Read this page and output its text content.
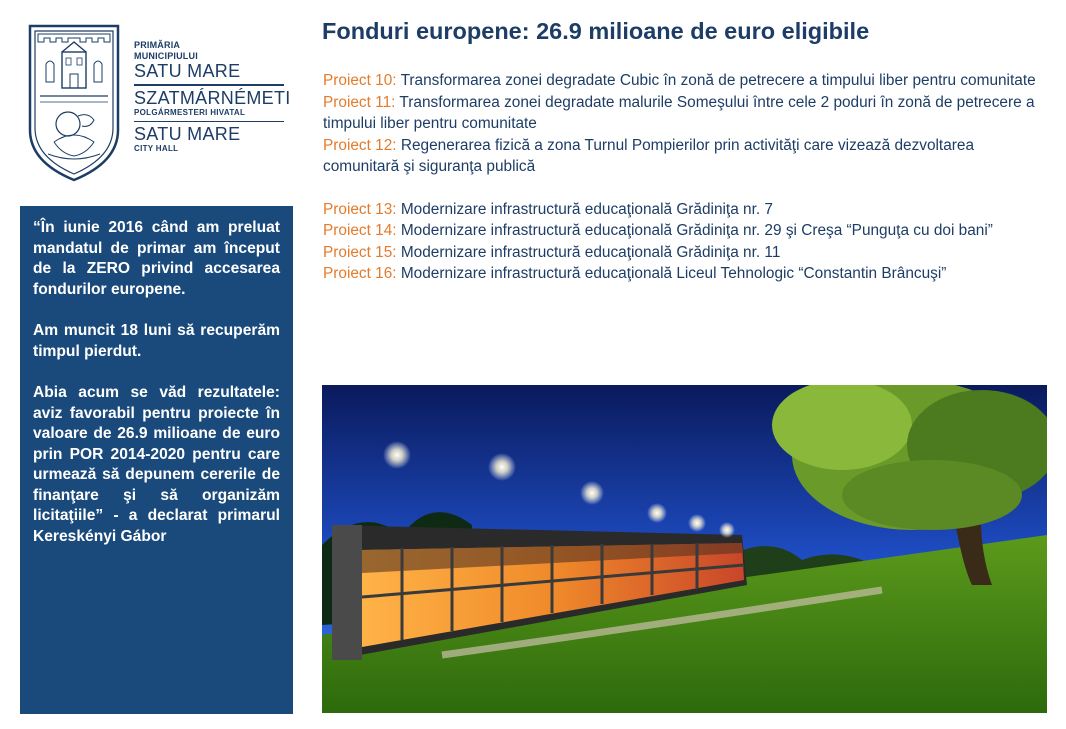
PRIMĂRIA
MUNICIPIULUI
SATU MARE
SZATMÁRNÉMETI
POLGÁRMESTERI HIVATAL
SATU MARE
CITY HALL

“În iunie 2016 când am preluat mandatul de primar am început de la ZERO privind accesarea fondurilor europene.

Am muncit 18 luni să recuperăm timpul pierdut.

Abia acum se văd rezultatele: aviz favorabil pentru proiecte în valoare de 26.9 milioane de euro prin POR 2014-2020 pentru care urmează să depunem cererile de finanţare şi să organizăm licitaţiile” - a declarat primarul Kereskényi Gábor

Fonduri europene: 26.9 milioane de euro eligibile

Proiect 10: Transformarea zonei degradate Cubic în zonă de petrecere a timpului liber pentru comunitate

Proiect 11: Transformarea zonei degradate malurile Someşului între cele 2 poduri în zonă de petrecere a timpului liber pentru comunitate

Proiect 12: Regenerarea fizică a zona Turnul Pompierilor prin activităţi care vizează dezvoltarea comunitară şi siguranţa publică

Proiect 13: Modernizare infrastructură educaţională Grădiniţa nr. 7

Proiect 14: Modernizare infrastructură educaţională Grădiniţa nr. 29 şi Creşa “Punguţa cu doi bani”

Proiect 15: Modernizare infrastructură educaţională Grădiniţa nr. 11

Proiect 16: Modernizare infrastructură educaţională Liceul Tehnologic “Constantin Brâncuşi”
